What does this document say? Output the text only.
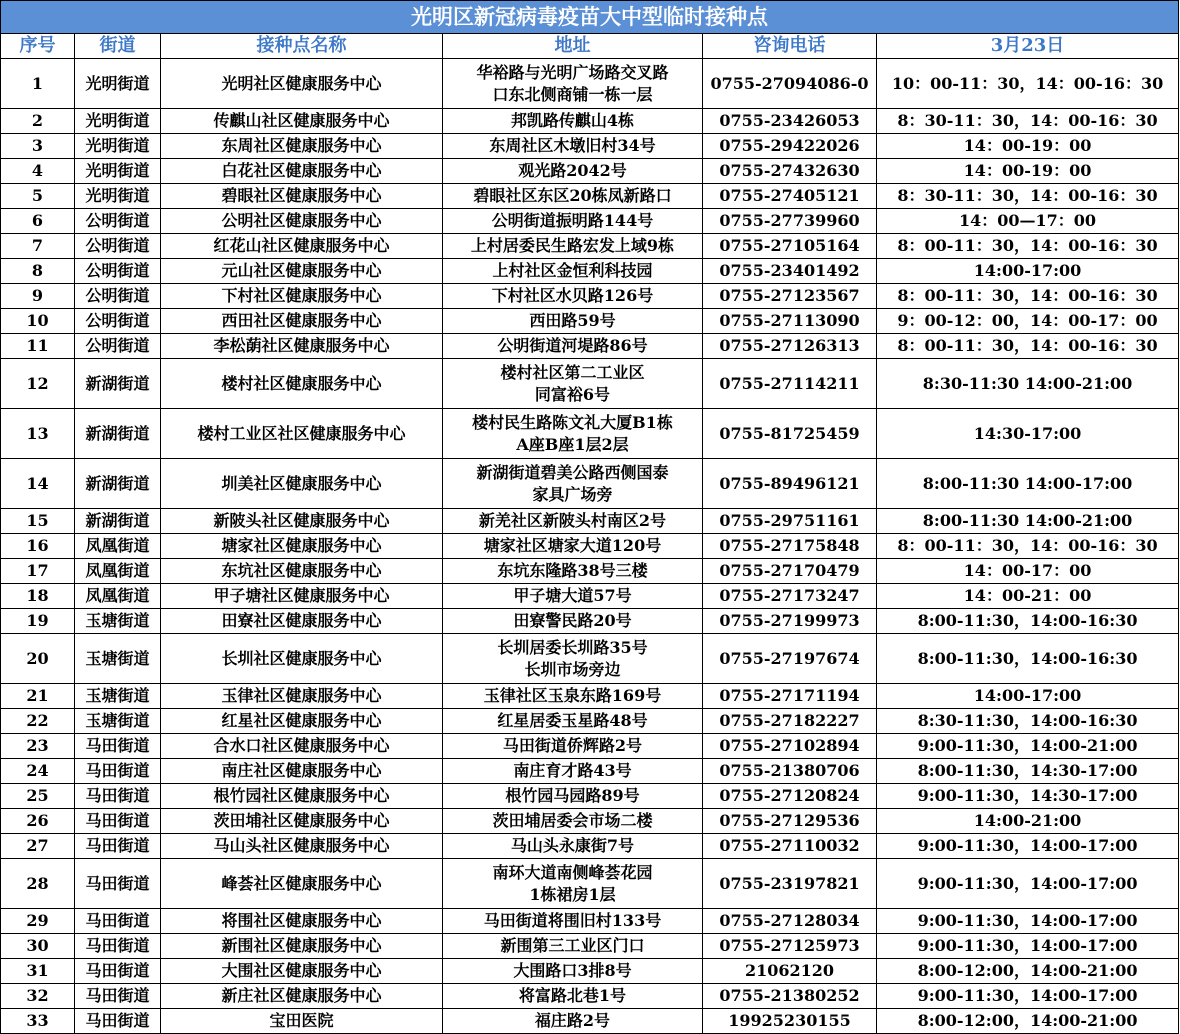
光明区新冠病毒疫苗大中型临时接种点					
序号	街道	接种点名称	地址	咨询电话	3月23日
1	光明街道	光明社区健康服务中心	华裕路与光明广场路交叉路
口东北侧商铺一栋一层	0755-27094086-0	10：00-11：30，14：00-16：30
2	光明街道	传麒山社区健康服务中心	邦凯路传麒山4栋	0755-23426053	8：30-11：30，14：00-16：30
3	光明街道	东周社区健康服务中心	东周社区木墩旧村34号	0755-29422026	14：00-19：00
4	光明街道	白花社区健康服务中心	观光路2042号	0755-27432630	14：00-19：00
5	光明街道	碧眼社区健康服务中心	碧眼社区东区20栋凤新路口	0755-27405121	8：30-11：30，14：00-16：30
6	公明街道	公明社区健康服务中心	公明街道振明路144号	0755-27739960	14：00—17：00
7	公明街道	红花山社区健康服务中心	上村居委民生路宏发上域9栋	0755-27105164	8：00-11：30，14：00-16：30
8	公明街道	元山社区健康服务中心	上村社区金恒利科技园	0755-23401492	14:00-17:00
9	公明街道	下村社区健康服务中心	下村社区水贝路126号	0755-27123567	8：00-11：30，14：00-16：30
10	公明街道	西田社区健康服务中心	西田路59号	0755-27113090	9：00-12：00，14：00-17：00
11	公明街道	李松蓢社区健康服务中心	公明街道河堤路86号	0755-27126313	8：00-11：30，14：00-16：30
12	新湖街道	楼村社区健康服务中心	楼村社区第二工业区
同富裕6号	0755-27114211	8:30-11:30 14:00-21:00
13	新湖街道	楼村工业区社区健康服务中心	楼村民生路陈文礼大厦B1栋
A座B座1层2层	0755-81725459	14:30-17:00
14	新湖街道	圳美社区健康服务中心	新湖街道碧美公路西侧国泰
家具广场旁	0755-89496121	8:00-11:30 14:00-17:00
15	新湖街道	新陂头社区健康服务中心	新羌社区新陂头村南区2号	0755-29751161	8:00-11:30 14:00-21:00
16	凤凰街道	塘家社区健康服务中心	塘家社区塘家大道120号	0755-27175848	8：00-11：30，14：00-16：30
17	凤凰街道	东坑社区健康服务中心	东坑东隆路38号三楼	0755-27170479	14：00-17：00
18	凤凰街道	甲子塘社区健康服务中心	甲子塘大道57号	0755-27173247	14：00-21：00
19	玉塘街道	田寮社区健康服务中心	田寮警民路20号	0755-27199973	8:00-11:30，14:00-16:30
20	玉塘街道	长圳社区健康服务中心	长圳居委长圳路35号
长圳市场旁边	0755-27197674	8:00-11:30，14:00-16:30
21	玉塘街道	玉律社区健康服务中心	玉律社区玉泉东路169号	0755-27171194	14:00-17:00
22	玉塘街道	红星社区健康服务中心	红星居委玉星路48号	0755-27182227	8:30-11:30，14:00-16:30
23	马田街道	合水口社区健康服务中心	马田街道侨辉路2号	0755-27102894	9:00-11:30，14:00-21:00
24	马田街道	南庄社区健康服务中心	南庄育才路43号	0755-21380706	8:00-11:30，14:30-17:00
25	马田街道	根竹园社区健康服务中心	根竹园马园路89号	0755-27120824	9:00-11:30，14:30-17:00
26	马田街道	茨田埔社区健康服务中心	茨田埔居委会市场二楼	0755-27129536	14:00-21:00
27	马田街道	马山头社区健康服务中心	马山头永康街7号	0755-27110032	9:00-11:30，14:00-17:00
28	马田街道	峰荟社区健康服务中心	南环大道南侧峰荟花园
1栋裙房1层	0755-23197821	9:00-11:30，14:00-17:00
29	马田街道	将围社区健康服务中心	马田街道将围旧村133号	0755-27128034	9:00-11:30，14:00-17:00
30	马田街道	新围社区健康服务中心	新围第三工业区门口	0755-27125973	9:00-11:30，14:00-17:00
31	马田街道	大围社区健康服务中心	大围路口3排8号	21062120	8:00-12:00，14:00-21:00
32	马田街道	新庄社区健康服务中心	将富路北巷1号	0755-21380252	9:00-11:30，14:00-17:00
33	马田街道	宝田医院	福庄路2号	19925230155	8:00-12:00，14:00-21:00
